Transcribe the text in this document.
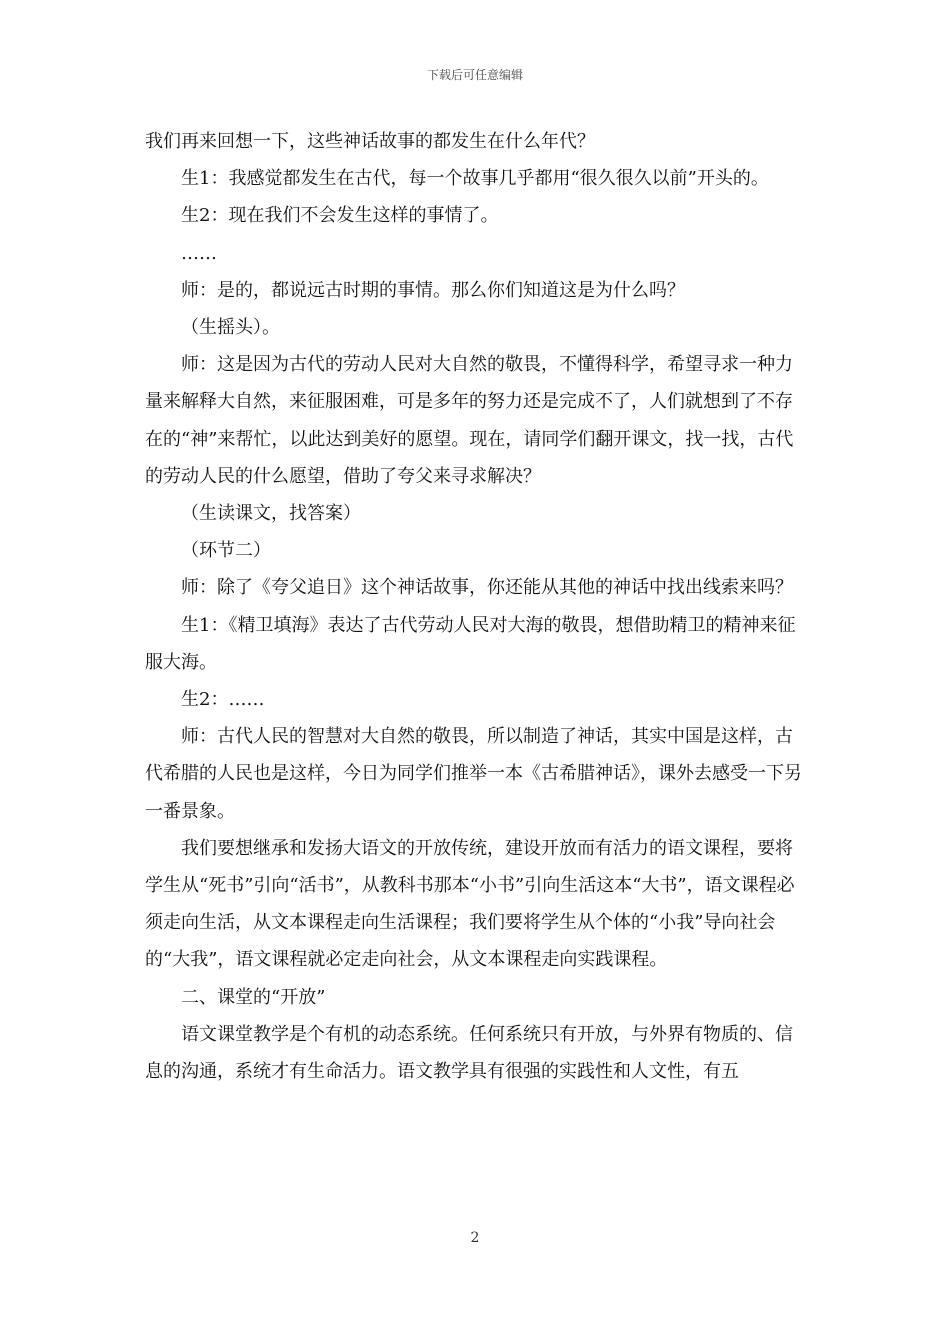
下载后可任意编辑

我们再来回想一下，这些神话故事的都发生在什么年代？

生1：我感觉都发生在古代，每一个故事几乎都用“很久很久以前”开头的。

生2：现在我们不会发生这样的事情了。

……

师：是的，都说远古时期的事情。那么你们知道这是为什么吗？

（生摇头）。

师：这是因为古代的劳动人民对大自然的敬畏，不懂得科学，希望寻求一种力量来解释大自然，来征服困难，可是多年的努力还是完成不了，人们就想到了不存在的“神”来帮忙，以此达到美好的愿望。现在，请同学们翻开课文，找一找，古代的劳动人民的什么愿望，借助了夸父来寻求解决？

（生读课文，找答案）

（环节二）

师：除了《夸父追日》这个神话故事，你还能从其他的神话中找出线索来吗？

生1：《精卫填海》表达了古代劳动人民对大海的敬畏，想借助精卫的精神来征服大海。

生2：……

师：古代人民的智慧对大自然的敬畏，所以制造了神话，其实中国是这样，古代希腊的人民也是这样，今日为同学们推举一本《古希腊神话》，课外去感受一下另一番景象。

我们要想继承和发扬大语文的开放传统，建设开放而有活力的语文课程，要将学生从“死书”引向“活书”，从教科书那本“小书”引向生活这本“大书”，语文课程必须走向生活，从文本课程走向生活课程；我们要将学生从个体的“小我”导向社会的“大我”，语文课程就必定走向社会，从文本课程走向实践课程。

二、课堂的“开放”

语文课堂教学是个有机的动态系统。任何系统只有开放，与外界有物质的、信息的沟通，系统才有生命活力。语文教学具有很强的实践性和人文性，有五

2
